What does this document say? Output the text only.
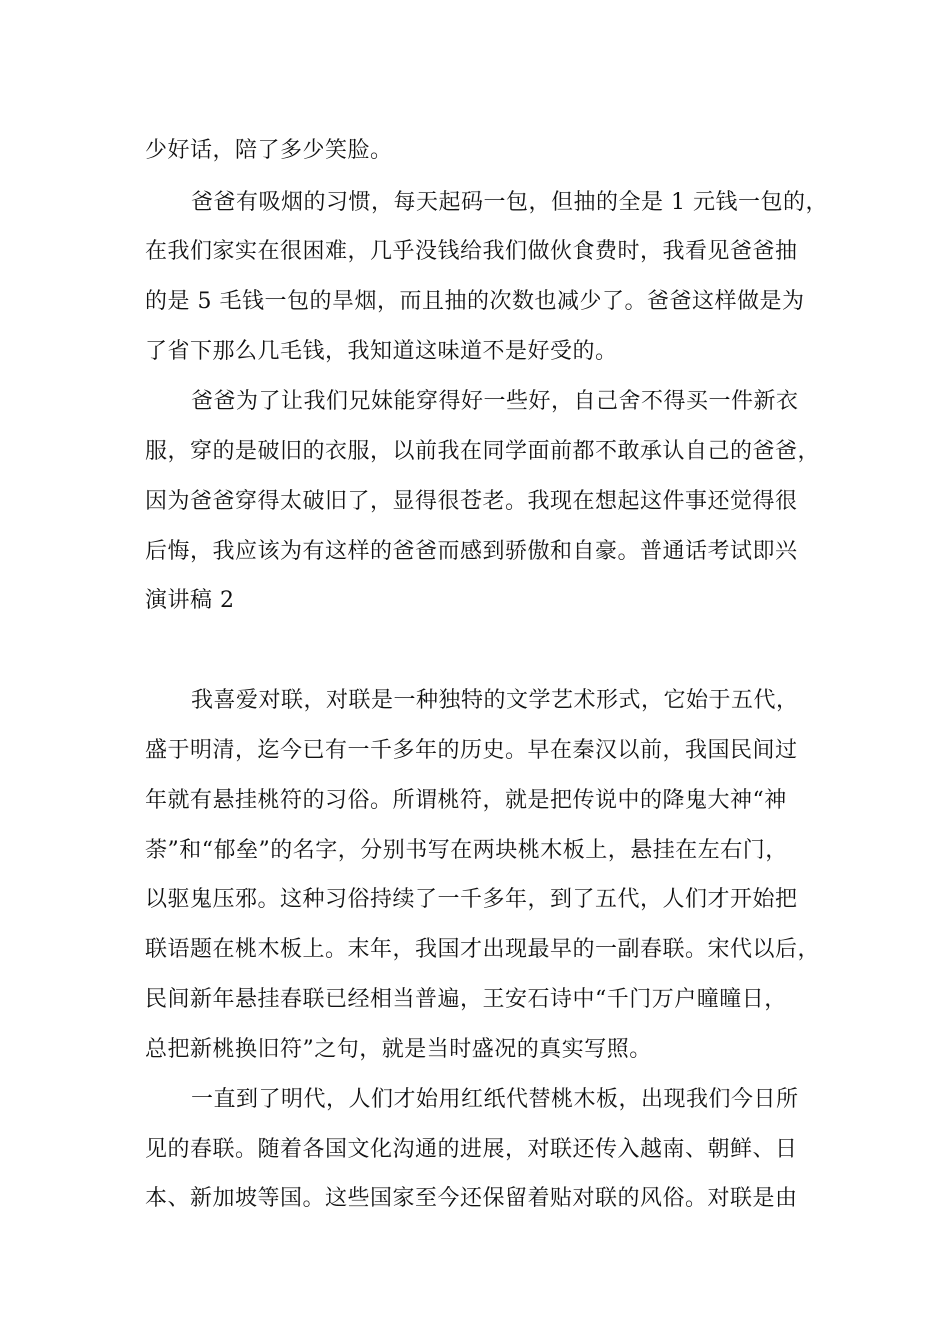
少好话，陪了多少笑脸。
爸爸有吸烟的习惯，每天起码一包，但抽的全是 1 元钱一包的，
在我们家实在很困难，几乎没钱给我们做伙食费时，我看见爸爸抽
的是 5 毛钱一包的旱烟，而且抽的次数也减少了。爸爸这样做是为
了省下那么几毛钱，我知道这味道不是好受的。
爸爸为了让我们兄妹能穿得好一些好，自己舍不得买一件新衣
服，穿的是破旧的衣服，以前我在同学面前都不敢承认自己的爸爸，
因为爸爸穿得太破旧了，显得很苍老。我现在想起这件事还觉得很
后悔，我应该为有这样的爸爸而感到骄傲和自豪。普通话考试即兴
演讲稿 2
我喜爱对联，对联是一种独特的文学艺术形式，它始于五代，
盛于明清，迄今已有一千多年的历史。早在秦汉以前，我国民间过
年就有悬挂桃符的习俗。所谓桃符，就是把传说中的降鬼大神“神
荼”和“郁垒”的名字，分别书写在两块桃木板上，悬挂在左右门，
以驱鬼压邪。这种习俗持续了一千多年，到了五代，人们才开始把
联语题在桃木板上。末年，我国才出现最早的一副春联。宋代以后，
民间新年悬挂春联已经相当普遍，王安石诗中“千门万户曈曈日，
总把新桃换旧符”之句，就是当时盛况的真实写照。
一直到了明代，人们才始用红纸代替桃木板，出现我们今日所
见的春联。随着各国文化沟通的进展，对联还传入越南、朝鲜、日
本、新加坡等国。这些国家至今还保留着贴对联的风俗。对联是由
